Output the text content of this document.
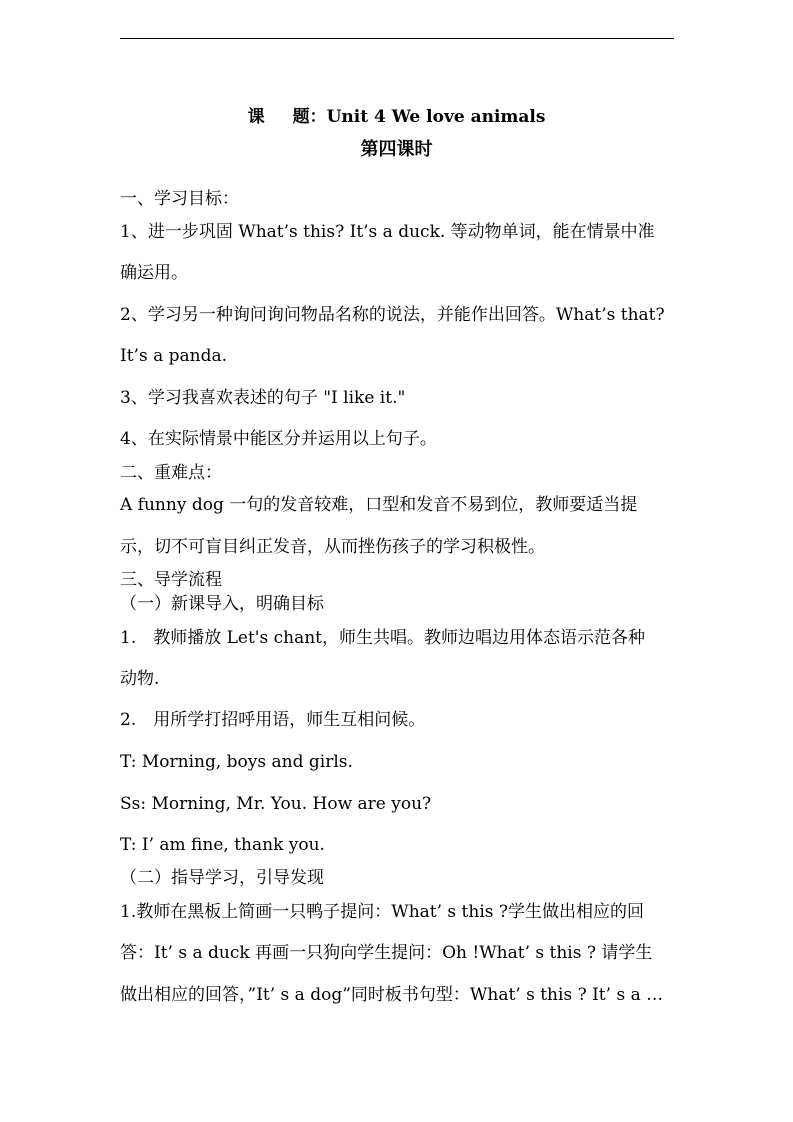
课 题：Unit 4 We love animals
第四课时
一、学习目标：
1、进一步巩固 What’s this? It’s a duck. 等动物单词，能在情景中准
确运用。
2、学习另一种询问询问物品名称的说法，并能作出回答。What’s that?
It’s a panda.
3、学习我喜欢表述的句子 "I like it."
4、在实际情景中能区分并运用以上句子。
二、重难点：
A funny dog 一句的发音较难，口型和发音不易到位，教师要适当提
示，切不可盲目纠正发音，从而挫伤孩子的学习积极性。
三、导学流程
（一）新课导入，明确目标
1.　教师播放 Let's chant，师生共唱。教师边唱边用体态语示范各种
动物.
2.　用所学打招呼用语，师生互相问候。
T: Morning, boys and girls.
Ss: Morning, Mr. You. How are you?
T: I’ am fine, thank you.
（二）指导学习，引导发现
1.教师在黑板上简画一只鸭子提问：What’ s this ?学生做出相应的回
答：It’ s a duck 再画一只狗向学生提问：Oh !What’ s this ? 请学生
做出相应的回答，”It’ s a dog”同时板书句型：What’ s this ? It’ s a …
